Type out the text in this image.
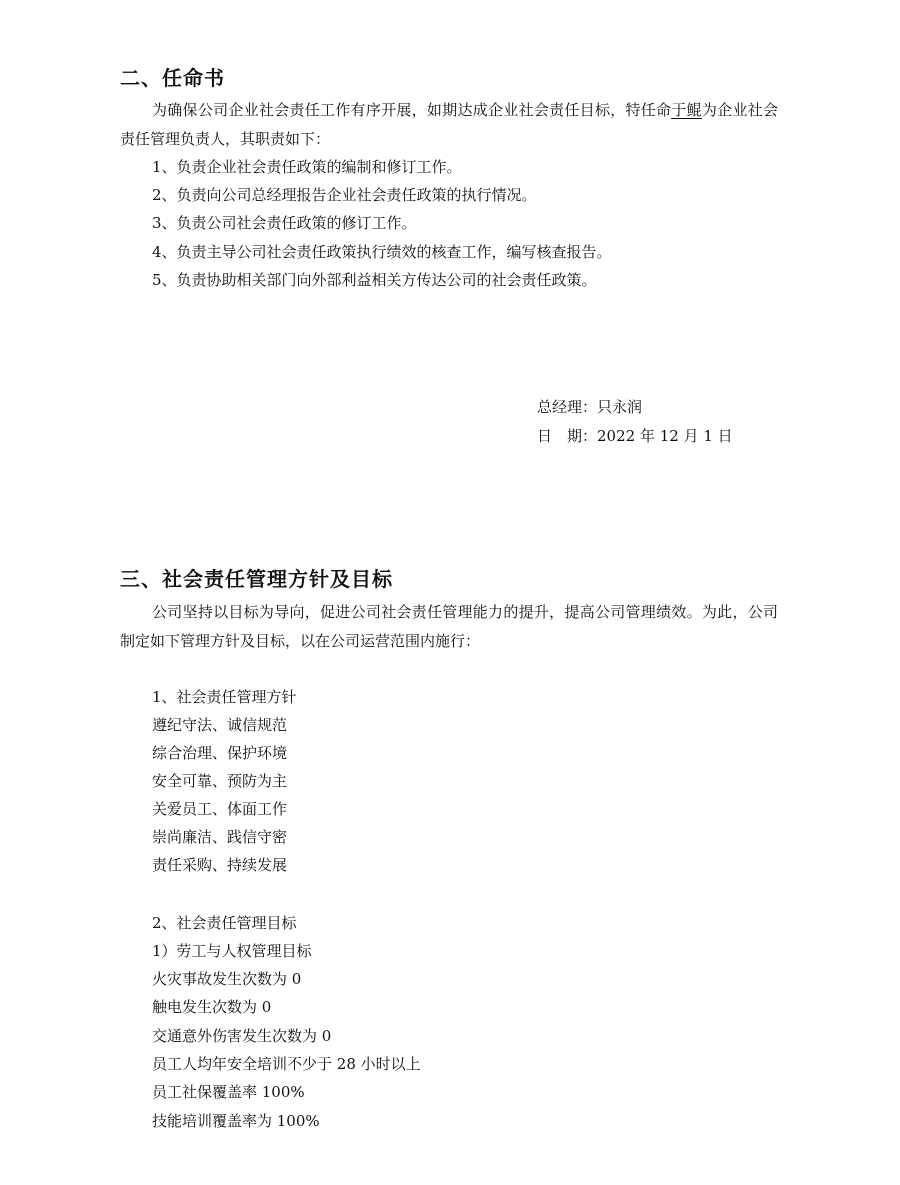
二、任命书
为确保公司企业社会责任工作有序开展，如期达成企业社会责任目标，特任命于鲲为企业社会责任管理负责人，其职责如下：
1、负责企业社会责任政策的编制和修订工作。
2、负责向公司总经理报告企业社会责任政策的执行情况。
3、负责公司社会责任政策的修订工作。
4、负责主导公司社会责任政策执行绩效的核查工作，编写核查报告。
5、负责协助相关部门向外部利益相关方传达公司的社会责任政策。
总经理：只永润
日　期：2022 年 12 月 1 日
三、社会责任管理方针及目标
公司坚持以目标为导向，促进公司社会责任管理能力的提升，提高公司管理绩效。为此，公司制定如下管理方针及目标，以在公司运营范围内施行：
1、社会责任管理方针
遵纪守法、诚信规范
综合治理、保护环境
安全可靠、预防为主
关爱员工、体面工作
崇尚廉洁、践信守密
责任采购、持续发展
2、社会责任管理目标
1）劳工与人权管理目标
火灾事故发生次数为 0
触电发生次数为 0
交通意外伤害发生次数为 0
员工人均年安全培训不少于 28 小时以上
员工社保覆盖率 100%
技能培训覆盖率为 100%
